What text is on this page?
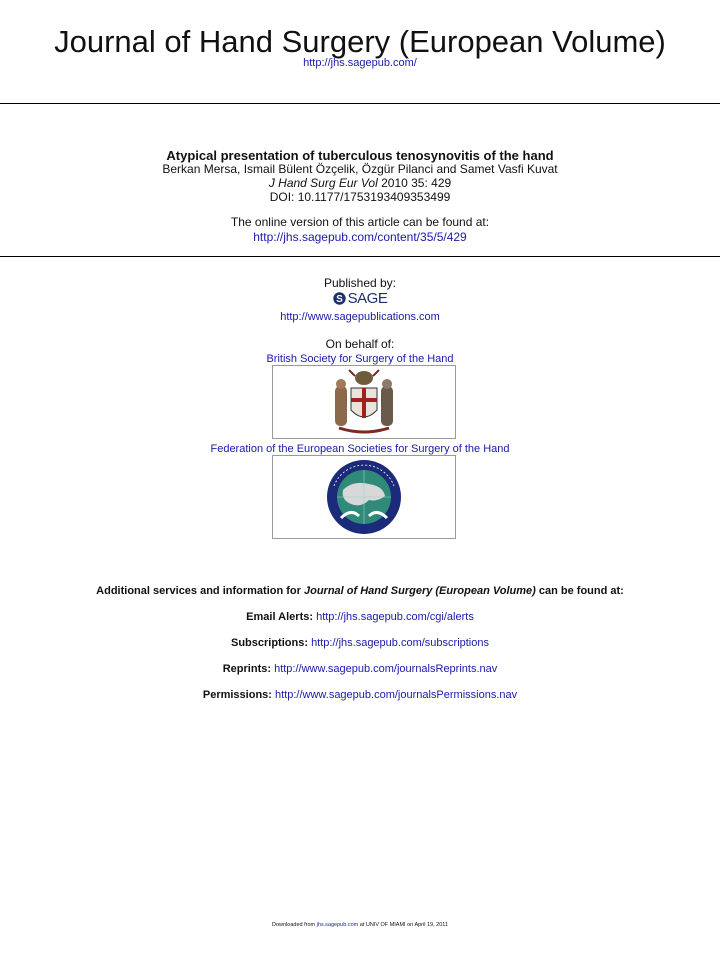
Journal of Hand Surgery (European Volume)
http://jhs.sagepub.com/
Atypical presentation of tuberculous tenosynovitis of the hand
Berkan Mersa, Ismail Bülent Özçelik, Özgür Pilanci and Samet Vasfi Kuvat
J Hand Surg Eur Vol 2010 35: 429
DOI: 10.1177/1753193409353499
The online version of this article can be found at:
http://jhs.sagepub.com/content/35/5/429
Published by:
S SAGE
http://www.sagepublications.com
On behalf of:
British Society for Surgery of the Hand
Federation of the European Societies for Surgery of the Hand
Additional services and information for Journal of Hand Surgery (European Volume) can be found at:
Email Alerts: http://jhs.sagepub.com/cgi/alerts
Subscriptions: http://jhs.sagepub.com/subscriptions
Reprints: http://www.sagepub.com/journalsReprints.nav
Permissions: http://www.sagepub.com/journalsPermissions.nav
Downloaded from jhs.sagepub.com at UNIV OF MIAMI on April 19, 2011
